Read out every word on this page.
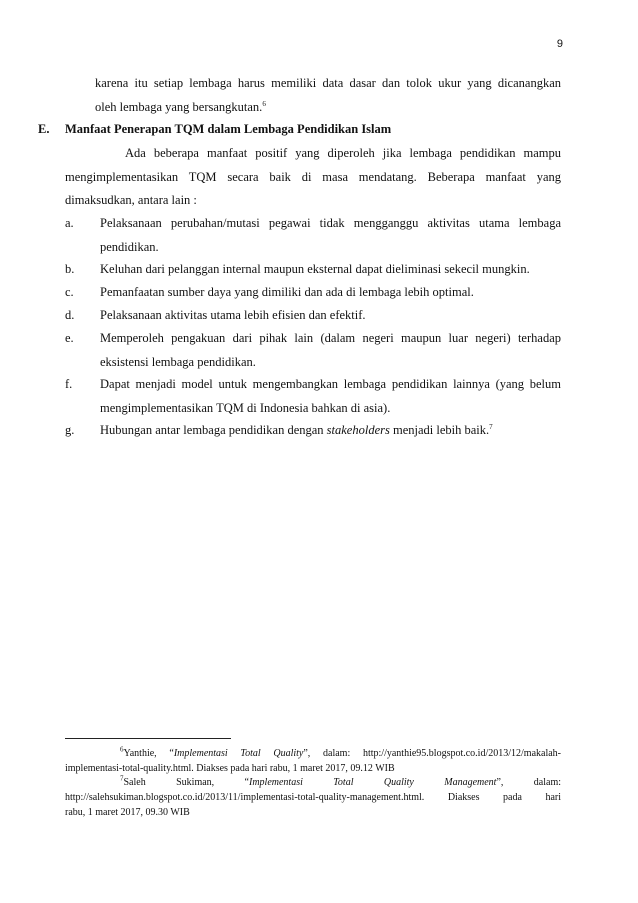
9
karena itu setiap lembaga harus memiliki data dasar dan tolok ukur yang dicanangkan
oleh lembaga yang bersangkutan.$^6$
E. Manfaat Penerapan TQM dalam Lembaga Pendidikan Islam
Ada beberapa manfaat positif yang diperoleh jika lembaga pendidikan mampu
mengimplementasikan TQM secara baik di masa mendatang. Beberapa manfaat yang
dimaksudkan, antara lain :
a. Pelaksanaan perubahan/mutasi pegawai tidak mengganggu aktivitas utama lembaga
pendidikan.
b. Keluhan dari pelanggan internal maupun eksternal dapat dieliminasi sekecil mungkin.
c. Pemanfaatan sumber daya yang dimiliki dan ada di lembaga lebih optimal.
d. Pelaksanaan aktivitas utama lebih efisien dan efektif.
e. Memperoleh pengakuan dari pihak lain (dalam negeri maupun luar negeri) terhadap
eksistensi lembaga pendidikan.
f. Dapat menjadi model untuk mengembangkan lembaga pendidikan lainnya (yang belum
mengimplementasikan TQM di Indonesia bahkan di asia).
g. Hubungan antar lembaga pendidikan dengan stakeholders menjadi lebih baik.$^7$
$^6$Yanthie, “Implementasi Total Quality”, dalam: http://yanthie95.blogspot.co.id/2013/12/makalah-
implementasi-total-quality.html. Diakses pada hari rabu, 1 maret 2017, 09.12 WIB
$^7$Saleh Sukiman, “Implementasi Total Quality Management”, dalam:
http://salehsukiman.blogspot.co.id/2013/11/implementasi-total-quality-management.html. Diakses pada hari
rabu, 1 maret 2017, 09.30 WIB
